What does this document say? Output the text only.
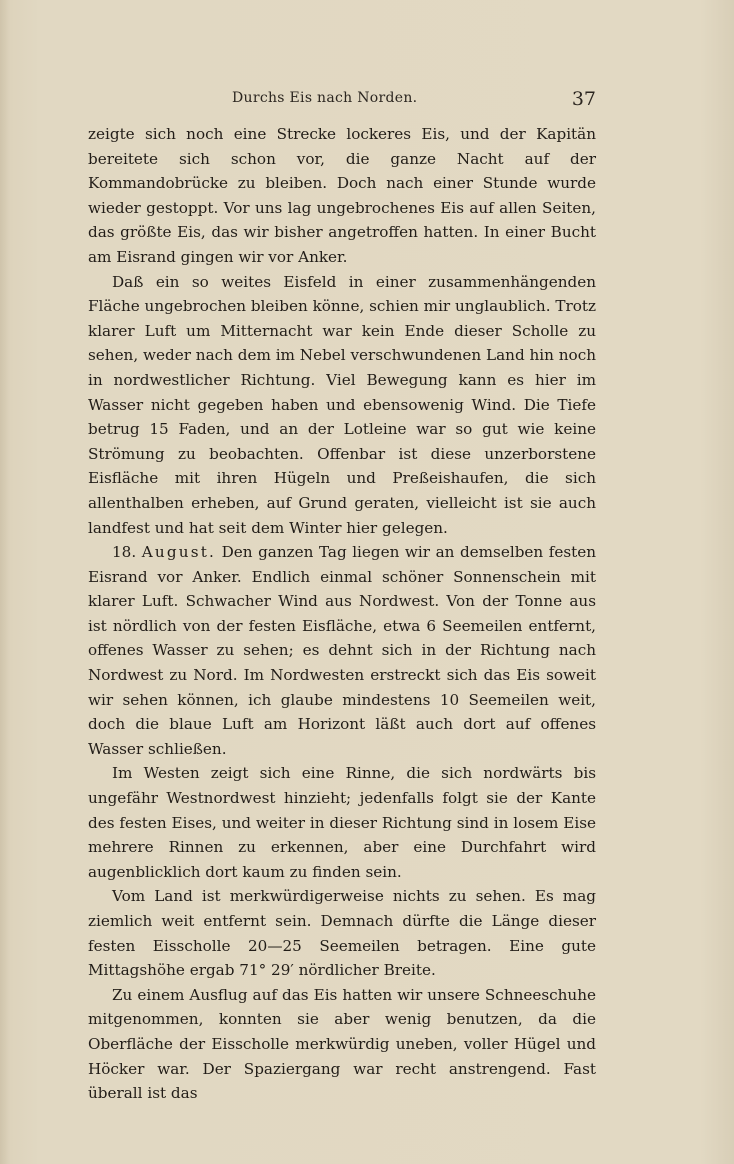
Durchs Eis nach Norden.	37

zeigte sich noch eine Strecke lockeres Eis, und der Kapitän bereitete sich schon vor, die ganze Nacht auf der Kommandobrücke zu bleiben. Doch nach einer Stunde wurde wieder gestoppt. Vor uns lag ungebrochenes Eis auf allen Seiten, das größte Eis, das wir bisher angetroffen hatten. In einer Bucht am Eisrand gingen wir vor Anker.

Daß ein so weites Eisfeld in einer zusammenhängenden Fläche ungebrochen bleiben könne, schien mir unglaublich. Trotz klarer Luft um Mitternacht war kein Ende dieser Scholle zu sehen, weder nach dem im Nebel verschwundenen Land hin noch in nordwestlicher Richtung. Viel Bewegung kann es hier im Wasser nicht gegeben haben und ebensowenig Wind. Die Tiefe betrug 15 Faden, und an der Lotleine war so gut wie keine Strömung zu beobachten. Offenbar ist diese unzerborstene Eisfläche mit ihren Hügeln und Preßeishaufen, die sich allenthalben erheben, auf Grund geraten, vielleicht ist sie auch landfest und hat seit dem Winter hier gelegen.

18. August. Den ganzen Tag liegen wir an demselben festen Eisrand vor Anker. Endlich einmal schöner Sonnenschein mit klarer Luft. Schwacher Wind aus Nordwest. Von der Tonne aus ist nördlich von der festen Eisfläche, etwa 6 Seemeilen entfernt, offenes Wasser zu sehen; es dehnt sich in der Richtung nach Nordwest zu Nord. Im Nordwesten erstreckt sich das Eis soweit wir sehen können, ich glaube mindestens 10 Seemeilen weit, doch die blaue Luft am Horizont läßt auch dort auf offenes Wasser schließen.

Im Westen zeigt sich eine Rinne, die sich nordwärts bis ungefähr Westnordwest hinzieht; jedenfalls folgt sie der Kante des festen Eises, und weiter in dieser Richtung sind in losem Eise mehrere Rinnen zu erkennen, aber eine Durchfahrt wird augenblicklich dort kaum zu finden sein.

Vom Land ist merkwürdigerweise nichts zu sehen. Es mag ziemlich weit entfernt sein. Demnach dürfte die Länge dieser festen Eisscholle 20—25 Seemeilen betragen. Eine gute Mittagshöhe ergab 71° 29′ nördlicher Breite.

Zu einem Ausflug auf das Eis hatten wir unsere Schneeschuhe mitgenommen, konnten sie aber wenig benutzen, da die Oberfläche der Eisscholle merkwürdig uneben, voller Hügel und Höcker war. Der Spaziergang war recht anstrengend. Fast überall ist das
